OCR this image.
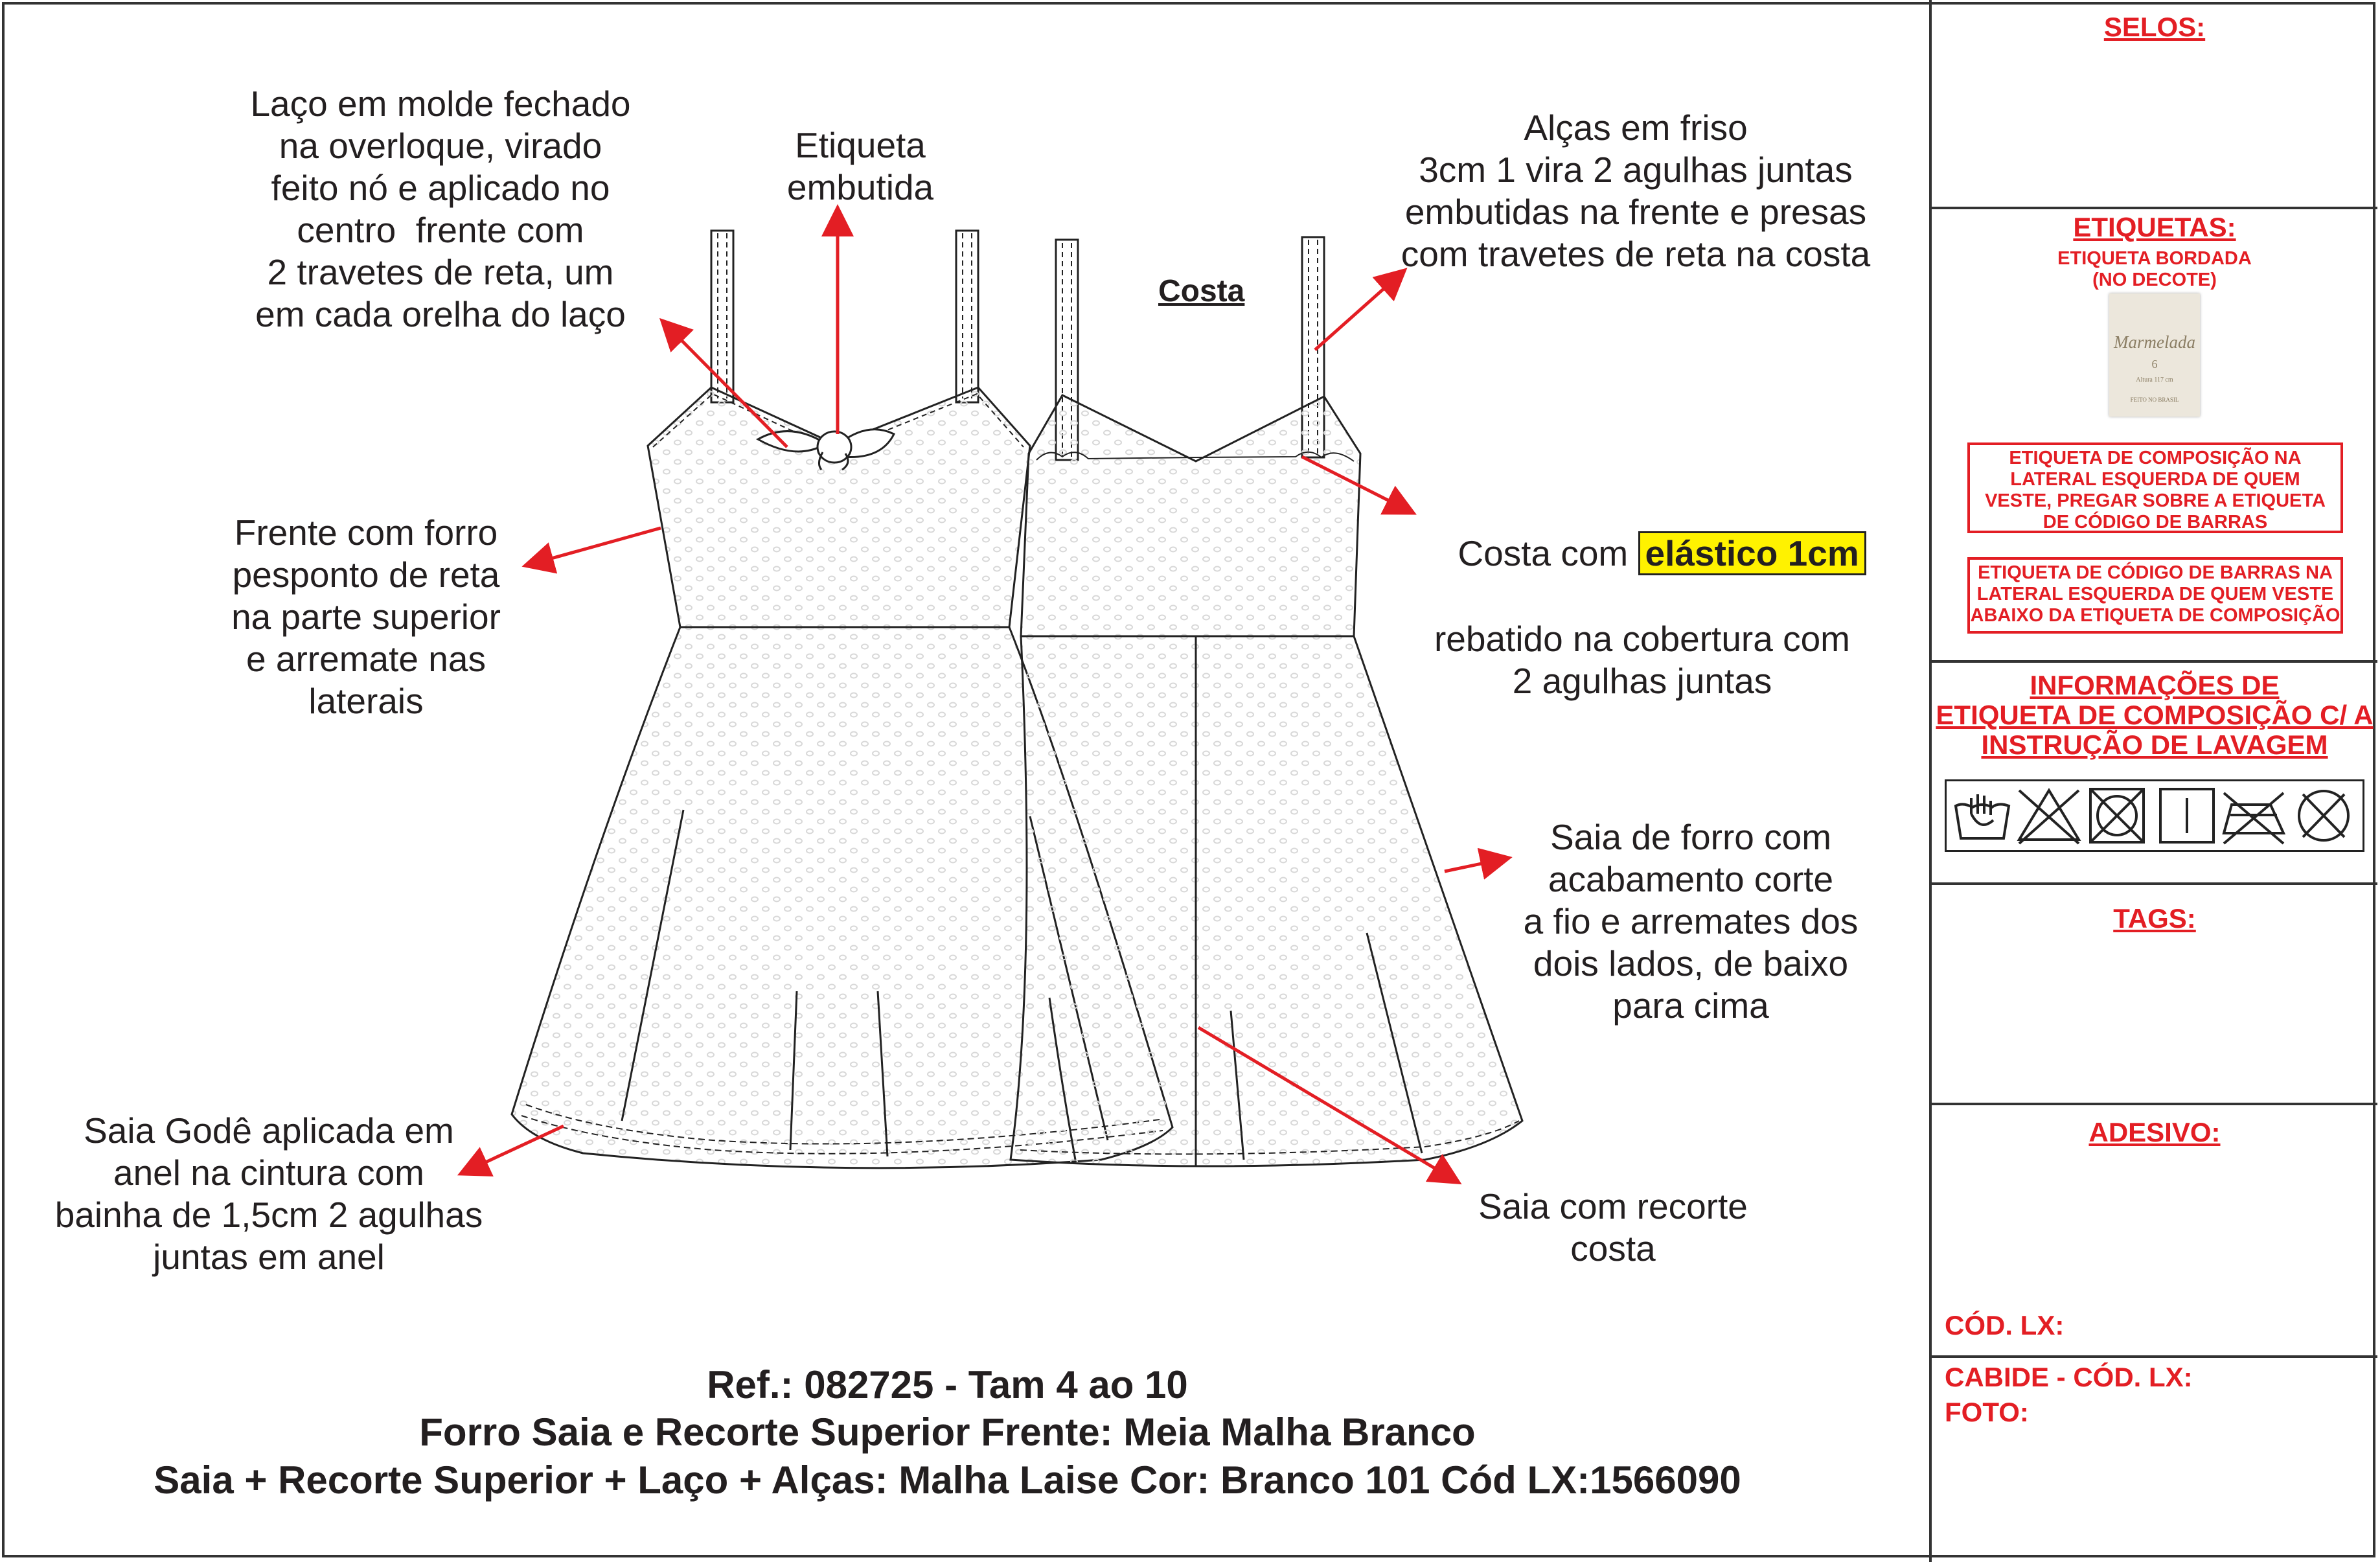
Laço em molde fechado
na overloque, virado
feito nó e aplicado no
centro  frente com
2 travetes de reta, um
em cada orelha do laço
Etiqueta
embutida
Alças em friso
3cm 1 vira 2 agulhas juntas
embutidas na frente e presas
com travetes de reta na costa
Costa
Frente com forro
pesponto de reta
na parte superior
e arremate nas
laterais

Costa com elástico 1cm

rebatido na cobertura com
2 agulhas juntas

Saia de forro com
acabamento corte
a fio e arremates dos
dois lados, de baixo
para cima
Saia Godê aplicada em
anel na cintura com
bainha de 1,5cm 2 agulhas
juntas em anel
Saia com recorte
costa
Ref.: 082725 - Tam 4 ao 10
Forro Saia e Recorte Superior Frente: Meia Malha Branco
Saia + Recorte Superior + Laço + Alças: Malha Laise Cor: Branco 101 Cód LX:1566090
SELOS:
ETIQUETAS:
ETIQUETA BORDADA
(NO DECOTE)
Marmelada
6
Altura 117 cm
FEITO NO BRASIL
ETIQUETA DE COMPOSIÇÃO NA
LATERAL ESQUERDA DE QUEM
VESTE, PREGAR SOBRE A ETIQUETA
DE CÓDIGO DE BARRAS
ETIQUETA DE CÓDIGO DE BARRAS NA
LATERAL ESQUERDA DE QUEM VESTE
ABAIXO DA ETIQUETA DE COMPOSIÇÃO
INFORMAÇÕES DE
ETIQUETA DE COMPOSIÇÃO C/ A
INSTRUÇÃO DE LAVAGEM
TAGS:
ADESIVO:
CÓD. LX:
CABIDE - CÓD. LX:
FOTO:
